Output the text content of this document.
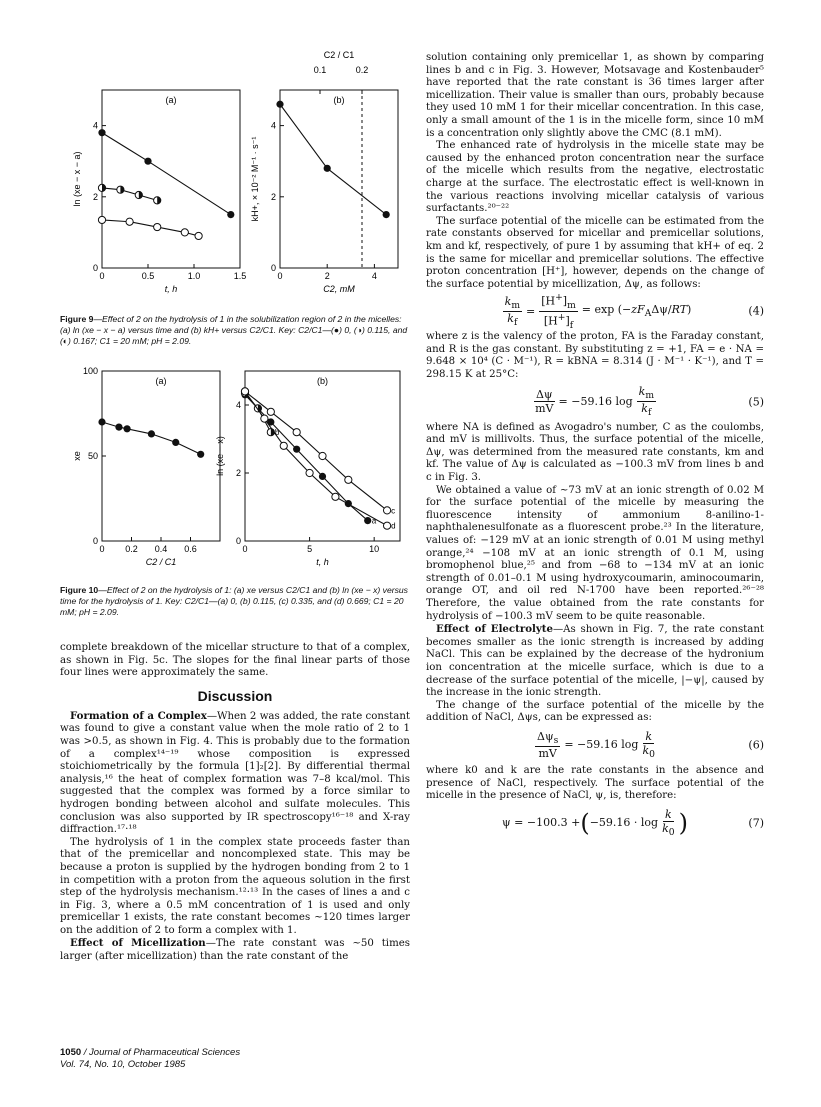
0	0.5	1.0	1.5
0
2
4
t, h
ln (xe − x − a)
(a)
0	2	4
0
2
4
C2, mM
kH+, × 10⁻² M⁻¹ · s⁻¹
(b)
C2 / C1
0.1	0.2
Figure 9—Effect of 2 on the hydrolysis of 1 in the solubilization region of 2 in the micelles: (a) ln (xe − x − a) versus time and (b) kH+ versus C2/C1. Key: C2/C1—(●) 0, (◑) 0.115, and (◐) 0.167; C1 = 20 mM; pH = 2.09.
0 0.2 0.4 0.6
0
50
100
C2 / C1
xe
(a)
0	5	10
0
2
4
t, h
ln (xe − x)
(b)
a
b
c
d
Figure 10—Effect of 2 on the hydrolysis of 1: (a) xe versus C2/C1 and (b) ln (xe − x) versus time for the hydrolysis of 1. Key: C2/C1—(a) 0, (b) 0.115, (c) 0.335, and (d) 0.669; C1 = 20 mM; pH = 2.09.

complete breakdown of the micellar structure to that of a complex, as shown in Fig. 5c. The slopes for the final linear parts of those four lines were approximately the same.

Discussion

Formation of a Complex—When 2 was added, the rate constant was found to give a constant value when the mole ratio of 2 to 1 was >0.5, as shown in Fig. 4. This is probably due to the formation of a complex¹⁴⁻¹⁹ whose composition is expressed stoichiometrically by the formula [1]₂[2]. By differential thermal analysis,¹⁶ the heat of complex formation was 7–8 kcal/mol. This suggested that the complex was formed by a force similar to hydrogen bonding between alcohol and sulfate molecules. This conclusion was also supported by IR spectroscopy¹⁶⁻¹⁸ and X-ray diffraction.¹⁷·¹⁸

The hydrolysis of 1 in the complex state proceeds faster than that of the premicellar and noncomplexed state. This may be because a proton is supplied by the hydrogen bonding from 2 to 1 in competition with a proton from the aqueous solution in the first step of the hydrolysis mechanism.¹²·¹³ In the cases of lines a and c in Fig. 3, where a 0.5 mM concentration of 1 is used and only premicellar 1 exists, the rate constant becomes ~120 times larger on the addition of 2 to form a complex with 1.

Effect of Micellization—The rate constant was ~50 times larger (after micellization) than the rate constant of the

solution containing only premicellar 1, as shown by comparing lines b and c in Fig. 3. However, Motsavage and Kostenbauder⁵ have reported that the rate constant is 36 times larger after micellization. Their value is smaller than ours, probably because they used 10 mM 1 for their micellar concentration. In this case, only a small amount of the 1 is in the micelle form, since 10 mM is a concentration only slightly above the CMC (8.1 mM).

The enhanced rate of hydrolysis in the micelle state may be caused by the enhanced proton concentration near the surface of the micelle which results from the negative, electrostatic charge at the surface. The electrostatic effect is well-known in the various reactions involving micellar catalysis of various surfactants.²⁰⁻²²

The surface potential of the micelle can be estimated from the rate constants observed for micellar and premicellar solutions, km and kf, respectively, of pure 1 by assuming that kH+ of eq. 2 is the same for micellar and premicellar solutions. The effective proton concentration [H⁺], however, depends on the change of the surface potential by micellization, Δψ, as follows:

$\frac{k_m}{k_f} = \frac{[H^+]_m}{[H^+]_f} = \exp (-zF_A\Delta\psi/RT)$	(4)

where z is the valency of the proton, FA is the Faraday constant, and R is the gas constant. By substituting z = +1, FA = e · NA = 9.648 × 10⁴ (C · M⁻¹), R = kBNA = 8.314 (J · M⁻¹ · K⁻¹), and T = 298.15 K at 25°C:

$\frac{\Delta\psi}{mV} = -59.16$ $\log \frac{k_m}{k_f}$	(5)

where NA is defined as Avogadro's number, C as the coulombs, and mV is millivolts. Thus, the surface potential of the micelle, Δψ, was determined from the measured rate constants, km and kf. The value of Δψ is calculated as −100.3 mV from lines b and c in Fig. 3.

We obtained a value of ~73 mV at an ionic strength of 0.02 M for the surface potential of the micelle by measuring the fluorescence intensity of ammonium 8-anilino-1-naphthalenesulfonate as a fluorescent probe.²³ In the literature, values of: −129 mV at an ionic strength of 0.01 M using methyl orange,²⁴ −108 mV at an ionic strength of 0.1 M, using bromophenol blue,²⁵ and from −68 to −134 mV at an ionic strength of 0.01–0.1 M using hydroxycoumarin, aminocoumarin, orange OT, and oil red N-1700 have been reported.²⁶⁻²⁸ Therefore, the value obtained from the rate constants for hydrolysis of −100.3 mV seem to be quite reasonable.

Effect of Electrolyte—As shown in Fig. 7, the rate constant becomes smaller as the ionic strength is increased by adding NaCl. This can be explained by the decrease of the hydronium ion concentration at the micelle surface, which is due to a decrease of the surface potential of the micelle, |−ψ|, caused by the increase in the ionic strength.

The change of the surface potential of the micelle by the addition of NaCl, Δψs, can be expressed as:

$\frac{\Delta\psi_s}{mV} = -59.16$ $\log \frac{k}{k_0}$	(6)

where k0 and k are the rate constants in the absence and presence of NaCl, respectively. The surface potential of the micelle in the presence of NaCl, ψ, is, therefore:

ψ = −100.3 + ( $-59.16 \cdot \log \frac{k}{k_0}$ )	(7)
1050 / Journal of Pharmaceutical Sciences
Vol. 74, No. 10, October 1985
